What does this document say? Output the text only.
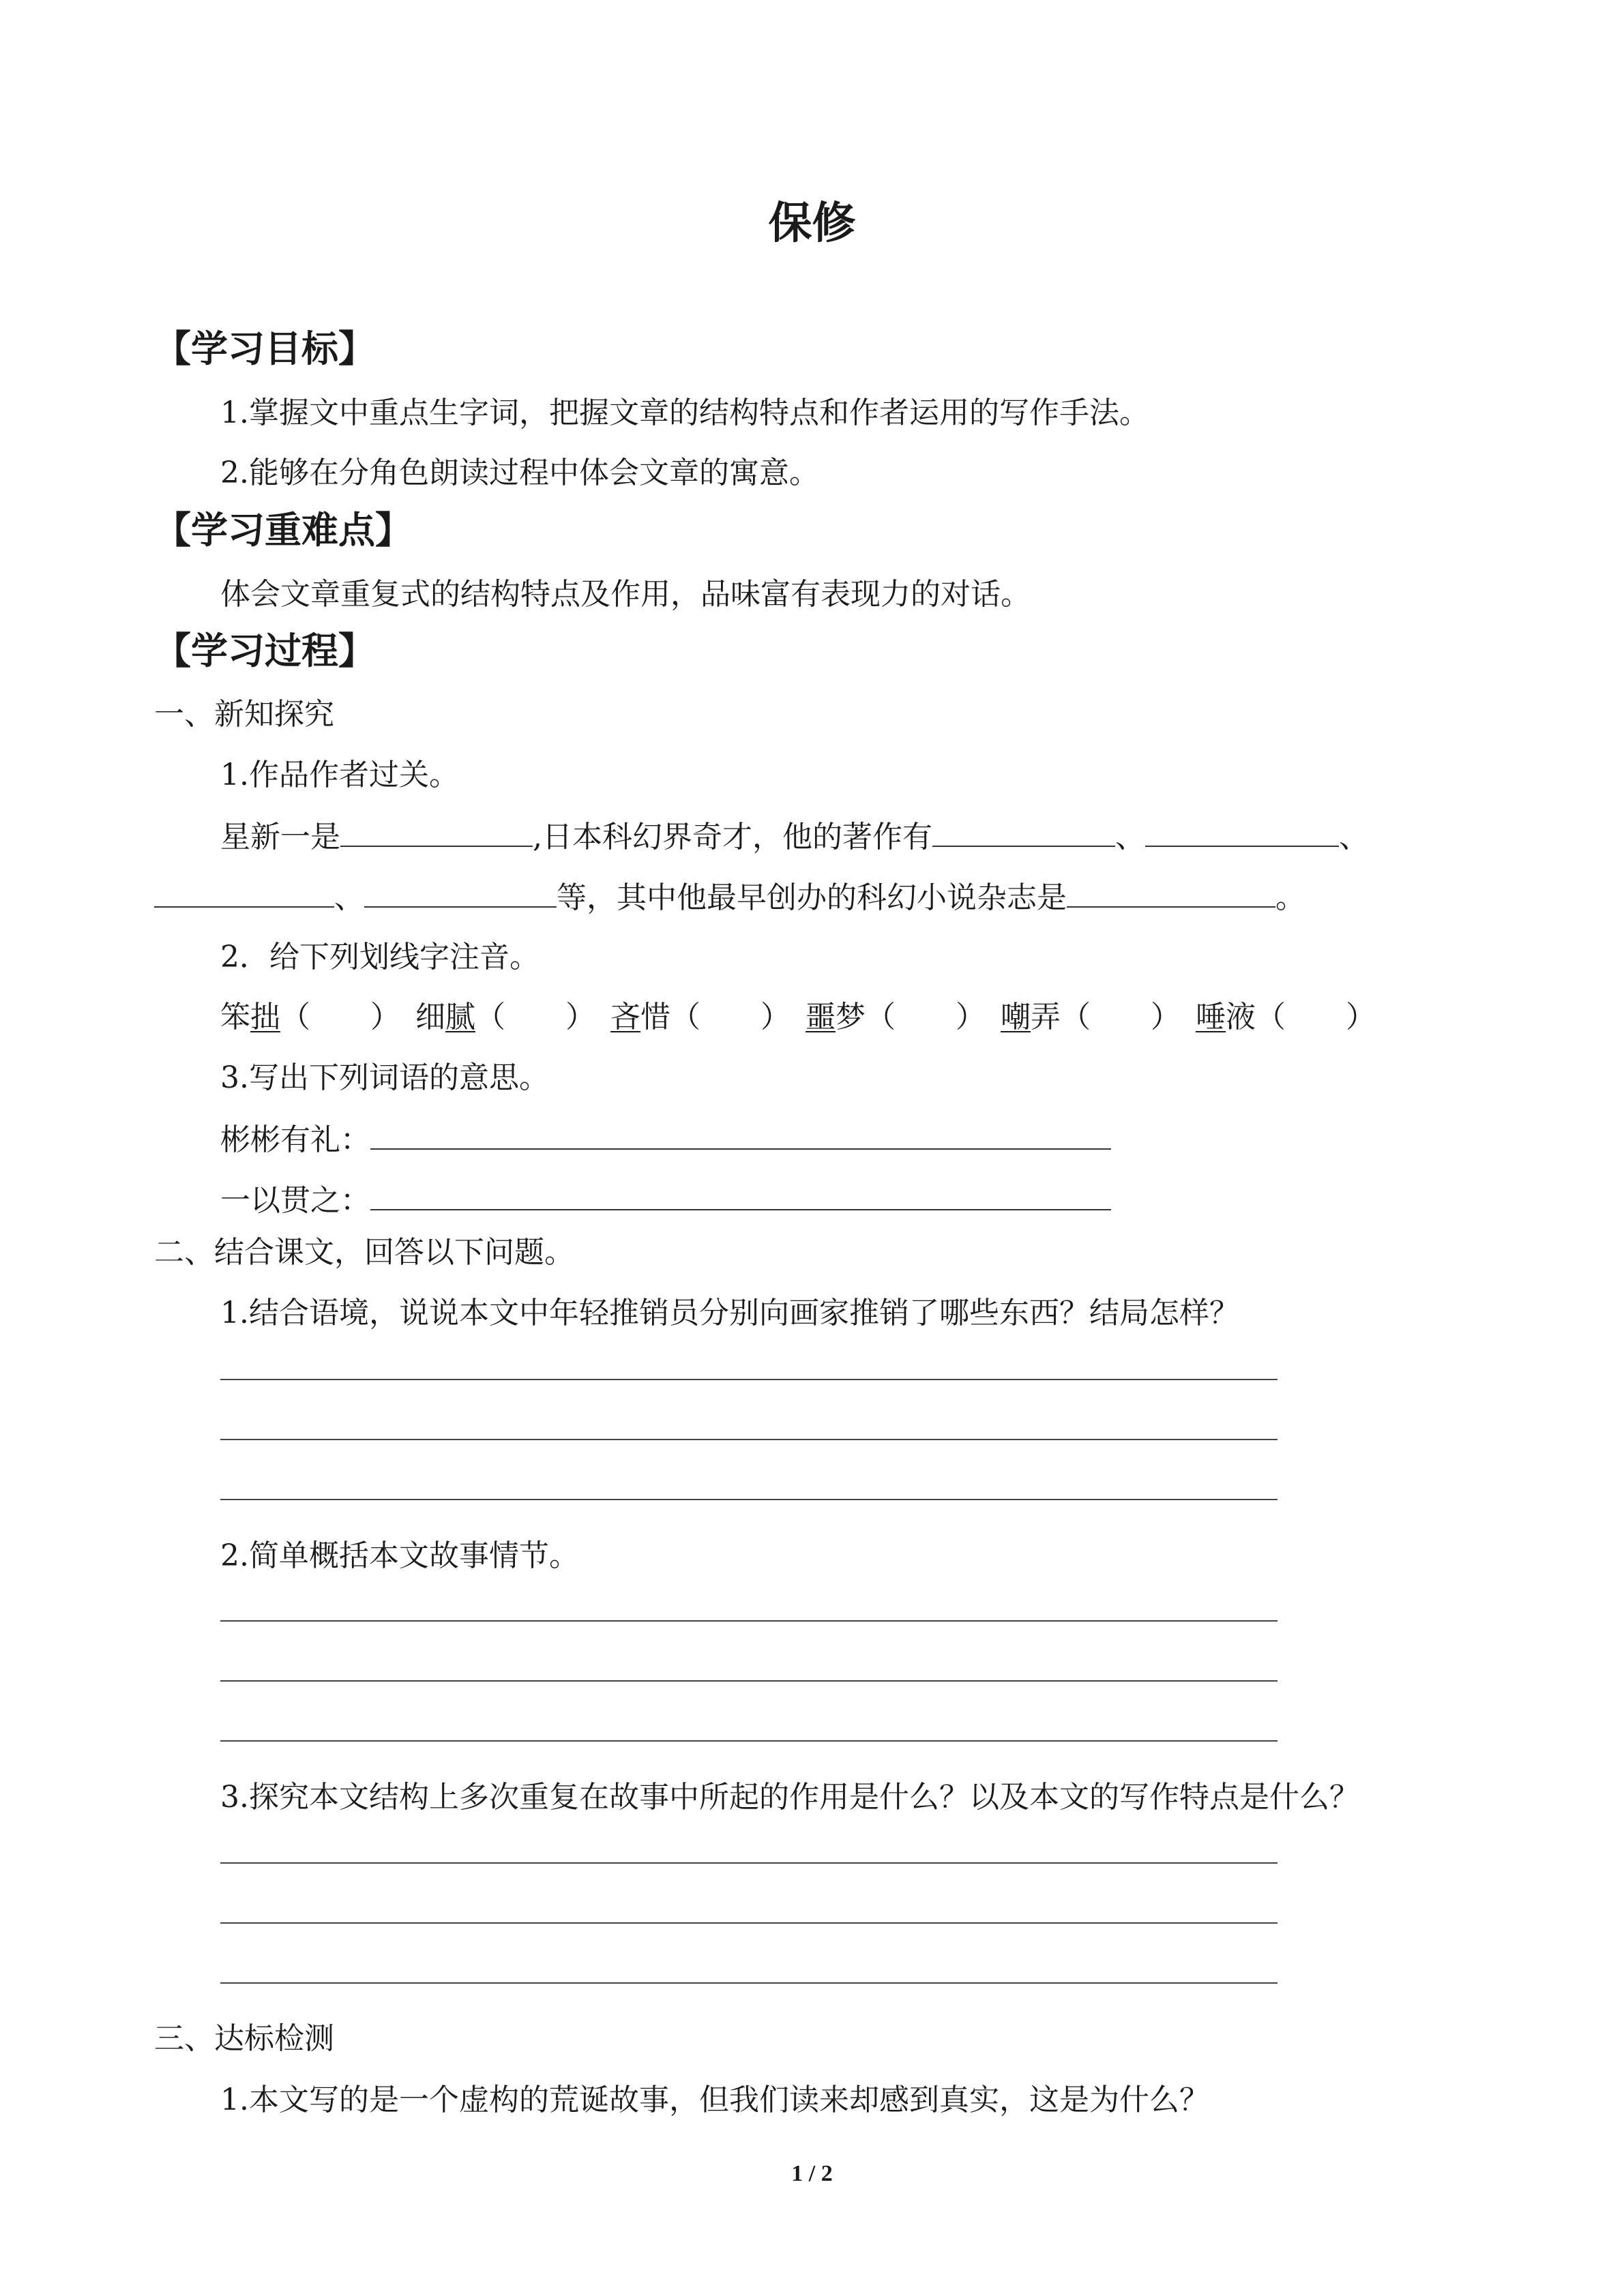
保修
【学习目标】
1.掌握文中重点生字词，把握文章的结构特点和作者运用的写作手法。
2.能够在分角色朗读过程中体会文章的寓意。
【学习重难点】
体会文章重复式的结构特点及作用，品味富有表现力的对话。
【学习过程】
一、新知探究
1.作品作者过关。
星新一是	,日本科幻界奇才，他的著作有	、	、
、	等，其中他最早创办的科幻小说杂志是	。
2．给下列划线字注音。
笨拙（　　） 细腻（　　） 吝惜（　　） 噩梦（　　） 嘲弄（　　） 唾液（　　）
3.写出下列词语的意思。
彬彬有礼：
一以贯之：
二、结合课文，回答以下问题。
1.结合语境，说说本文中年轻推销员分别向画家推销了哪些东西？结局怎样？
2.简单概括本文故事情节。
3.探究本文结构上多次重复在故事中所起的作用是什么？以及本文的写作特点是什么？
三、达标检测
1.本文写的是一个虚构的荒诞故事，但我们读来却感到真实，这是为什么？
1 / 2
